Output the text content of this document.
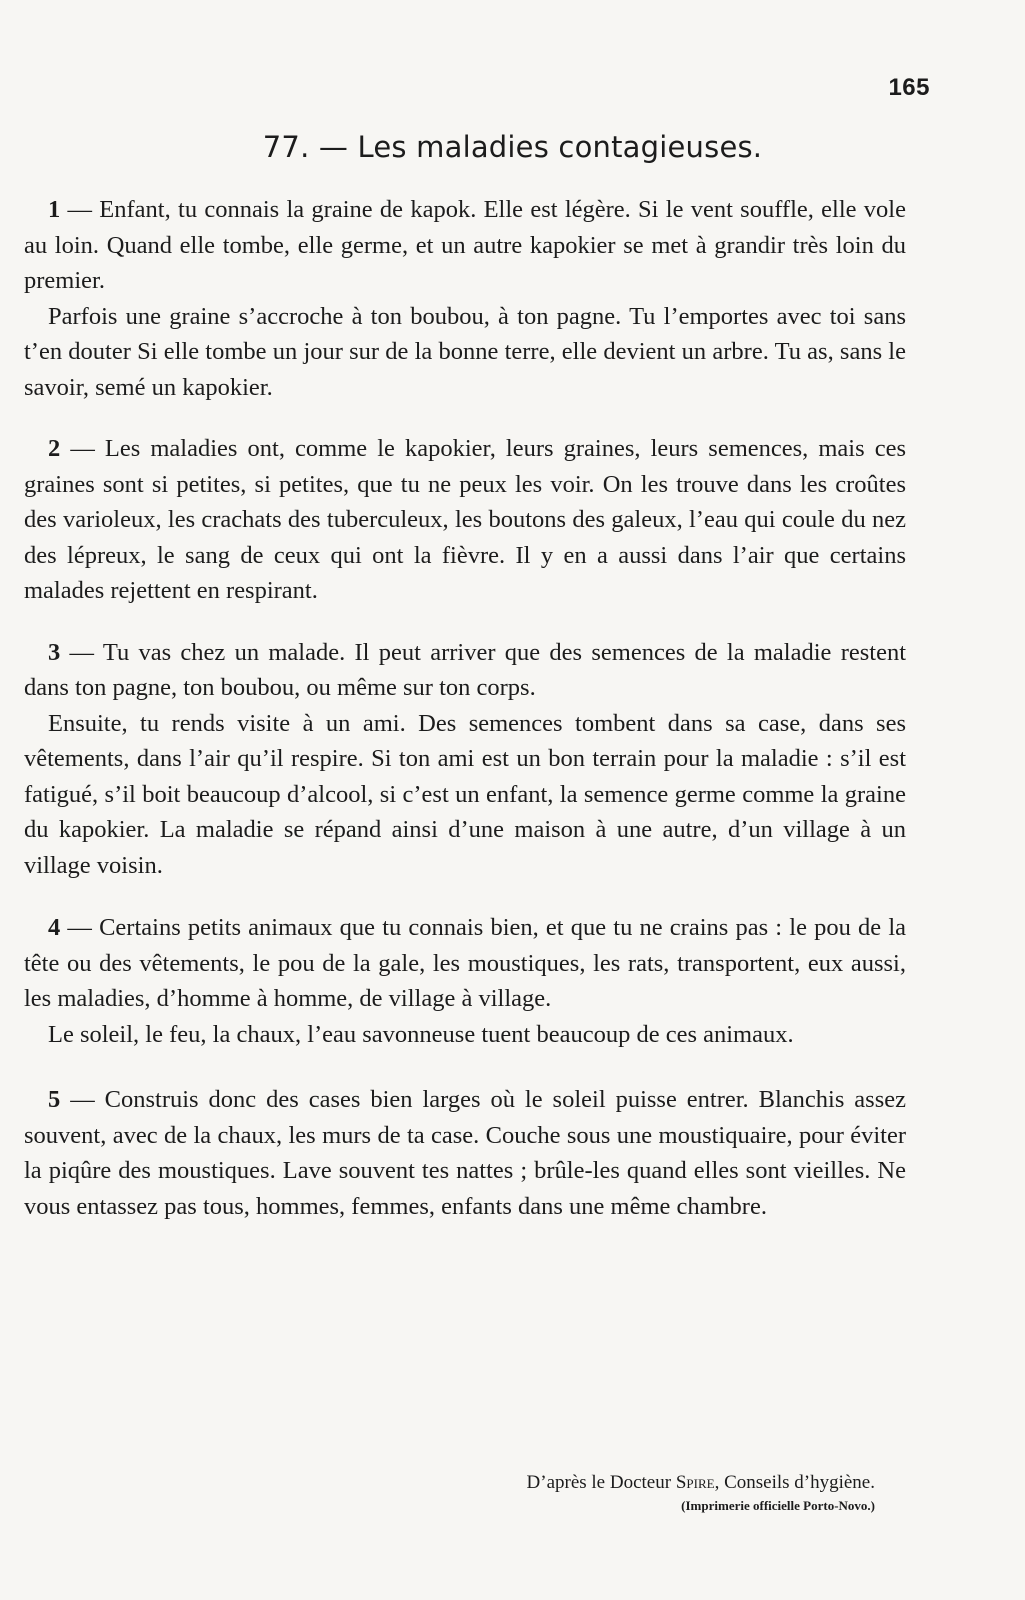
165
77. — Les maladies contagieuses.

1 — Enfant, tu connais la graine de kapok. Elle est légère. Si le vent souffle, elle vole au loin. Quand elle tombe, elle germe, et un autre kapokier se met à grandir très loin du premier.

Parfois une graine s’accroche à ton boubou, à ton pagne. Tu l’emportes avec toi sans t’en douter Si elle tombe un jour sur de la bonne terre, elle devient un arbre. Tu as, sans le savoir, semé un kapokier.

2 — Les maladies ont, comme le kapokier, leurs graines, leurs semences, mais ces graines sont si petites, si petites, que tu ne peux les voir. On les trouve dans les croûtes des varioleux, les crachats des tuberculeux, les boutons des galeux, l’eau qui coule du nez des lépreux, le sang de ceux qui ont la fièvre. Il y en a aussi dans l’air que certains malades rejettent en respirant.

3 — Tu vas chez un malade. Il peut arriver que des semences de la maladie restent dans ton pagne, ton boubou, ou même sur ton corps.

Ensuite, tu rends visite à un ami. Des semences tombent dans sa case, dans ses vêtements, dans l’air qu’il respire. Si ton ami est un bon terrain pour la maladie : s’il est fatigué, s’il boit beaucoup d’alcool, si c’est un enfant, la semence germe comme la graine du kapokier. La maladie se répand ainsi d’une maison à une autre, d’un village à un village voisin.

4 — Certains petits animaux que tu connais bien, et que tu ne crains pas : le pou de la tête ou des vêtements, le pou de la gale, les moustiques, les rats, transportent, eux aussi, les maladies, d’homme à homme, de village à village.

Le soleil, le feu, la chaux, l’eau savonneuse tuent beaucoup de ces animaux.

5 — Construis donc des cases bien larges où le soleil puisse entrer. Blanchis assez souvent, avec de la chaux, les murs de ta case. Couche sous une moustiquaire, pour éviter la piqûre des moustiques. Lave souvent tes nattes ; brûle-les quand elles sont vieilles. Ne vous entassez pas tous, hommes, femmes, enfants dans une même chambre.

D’après le Docteur Spire, Conseils d’hygiène.
(Imprimerie officielle Porto-Novo.)
